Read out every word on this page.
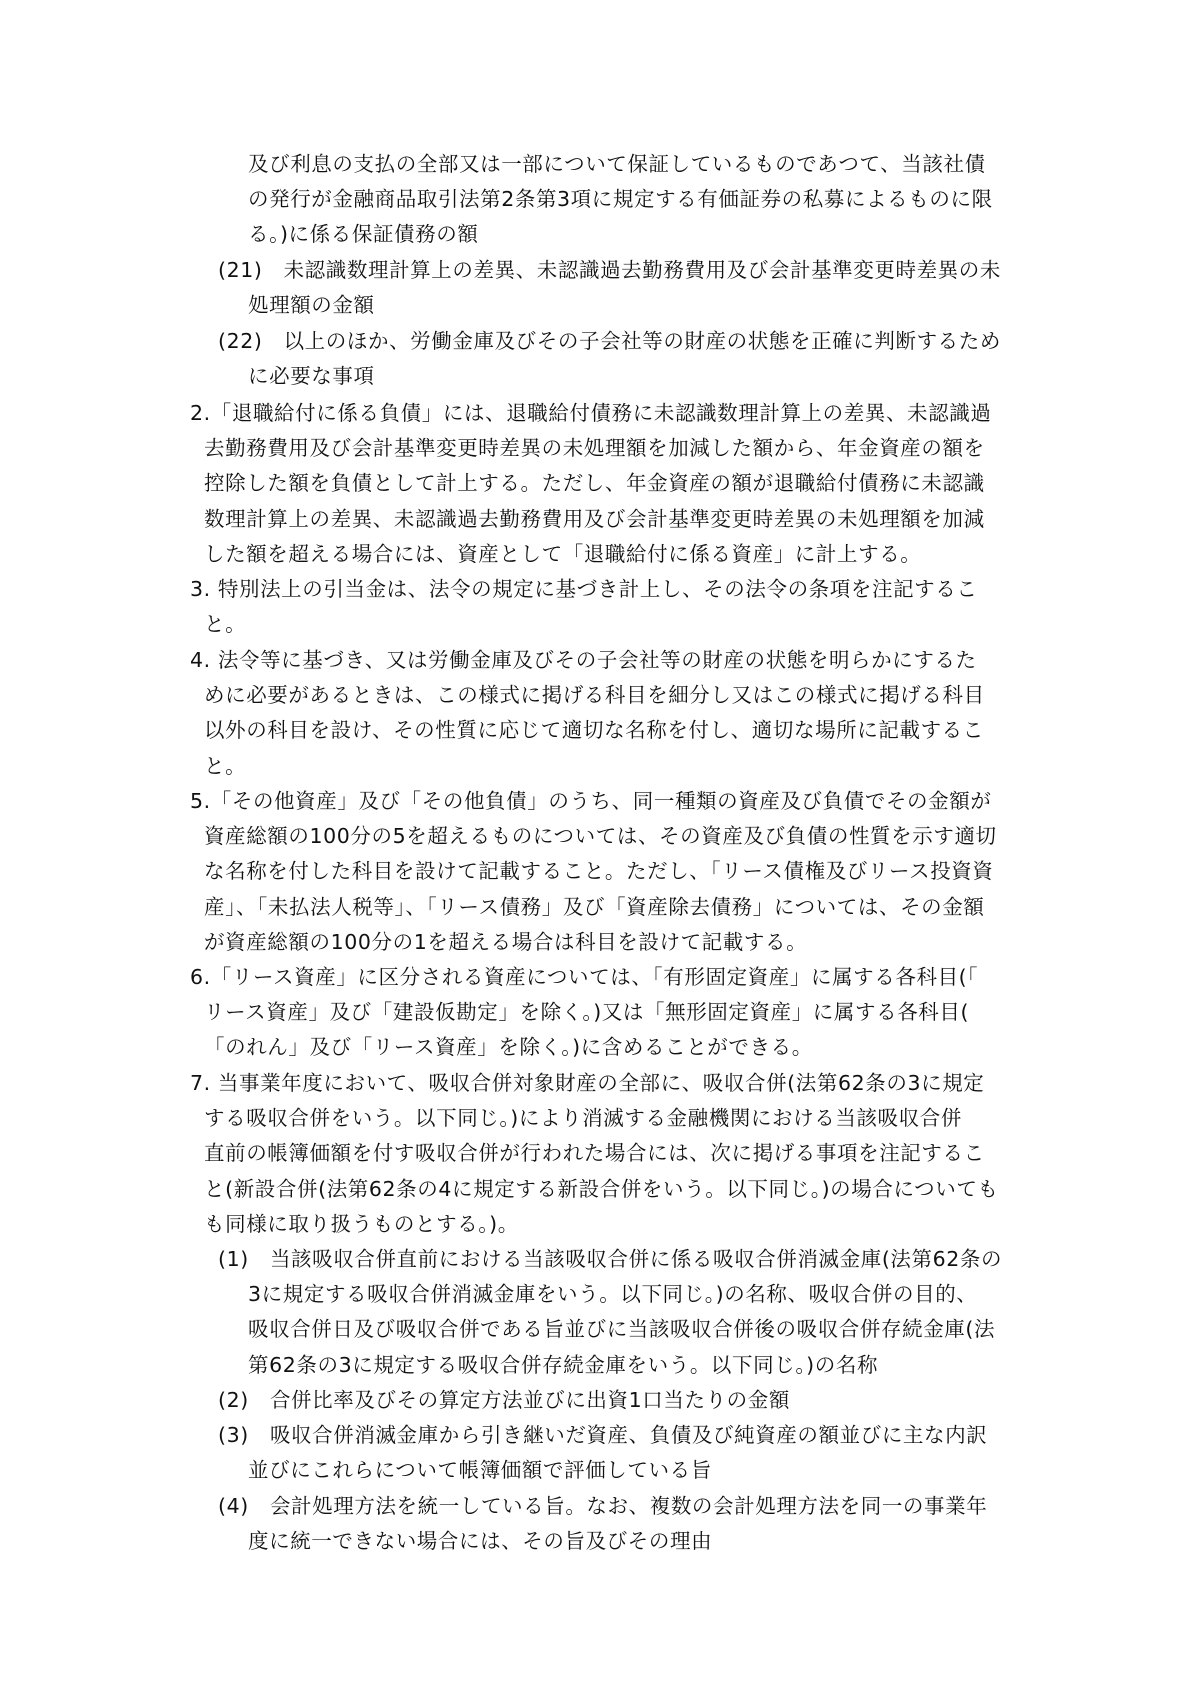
及び利息の支払の全部又は一部について保証しているものであつて、当該社債
の発行が金融商品取引法第2条第3項に規定する有価証券の私募によるものに限
る。)に係る保証債務の額
(21)　未認識数理計算上の差異、未認識過去勤務費用及び会計基準変更時差異の未
処理額の金額
(22)　以上のほか、労働金庫及びその子会社等の財産の状態を正確に判断するため
に必要な事項
2.「退職給付に係る負債」には、退職給付債務に未認識数理計算上の差異、未認識過
去勤務費用及び会計基準変更時差異の未処理額を加減した額から、年金資産の額を
控除した額を負債として計上する。ただし、年金資産の額が退職給付債務に未認識
数理計算上の差異、未認識過去勤務費用及び会計基準変更時差異の未処理額を加減
した額を超える場合には、資産として「退職給付に係る資産」に計上する。
3. 特別法上の引当金は、法令の規定に基づき計上し、その法令の条項を注記するこ
と。
4. 法令等に基づき、又は労働金庫及びその子会社等の財産の状態を明らかにするた
めに必要があるときは、この様式に掲げる科目を細分し又はこの様式に掲げる科目
以外の科目を設け、その性質に応じて適切な名称を付し、適切な場所に記載するこ
と。
5.「その他資産」及び「その他負債」のうち、同一種類の資産及び負債でその金額が
資産総額の100分の5を超えるものについては、その資産及び負債の性質を示す適切
な名称を付した科目を設けて記載すること。ただし、「リース債権及びリース投資資
産」、「未払法人税等」、「リース債務」及び「資産除去債務」については、その金額
が資産総額の100分の1を超える場合は科目を設けて記載する。
6.「リース資産」に区分される資産については、「有形固定資産」に属する各科目(「
リース資産」及び「建設仮勘定」を除く。)又は「無形固定資産」に属する各科目(
「のれん」及び「リース資産」を除く。)に含めることができる。
7. 当事業年度において、吸収合併対象財産の全部に、吸収合併(法第62条の3に規定
する吸収合併をいう。以下同じ。)により消滅する金融機関における当該吸収合併
直前の帳簿価額を付す吸収合併が行われた場合には、次に掲げる事項を注記するこ
と(新設合併(法第62条の4に規定する新設合併をいう。以下同じ。)の場合についても
も同様に取り扱うものとする。)。
(1)　当該吸収合併直前における当該吸収合併に係る吸収合併消滅金庫(法第62条の
3に規定する吸収合併消滅金庫をいう。以下同じ。)の名称、吸収合併の目的、
吸収合併日及び吸収合併である旨並びに当該吸収合併後の吸収合併存続金庫(法
第62条の3に規定する吸収合併存続金庫をいう。以下同じ。)の名称
(2)　合併比率及びその算定方法並びに出資1口当たりの金額
(3)　吸収合併消滅金庫から引き継いだ資産、負債及び純資産の額並びに主な内訳
並びにこれらについて帳簿価額で評価している旨
(4)　会計処理方法を統一している旨。なお、複数の会計処理方法を同一の事業年
度に統一できない場合には、その旨及びその理由
